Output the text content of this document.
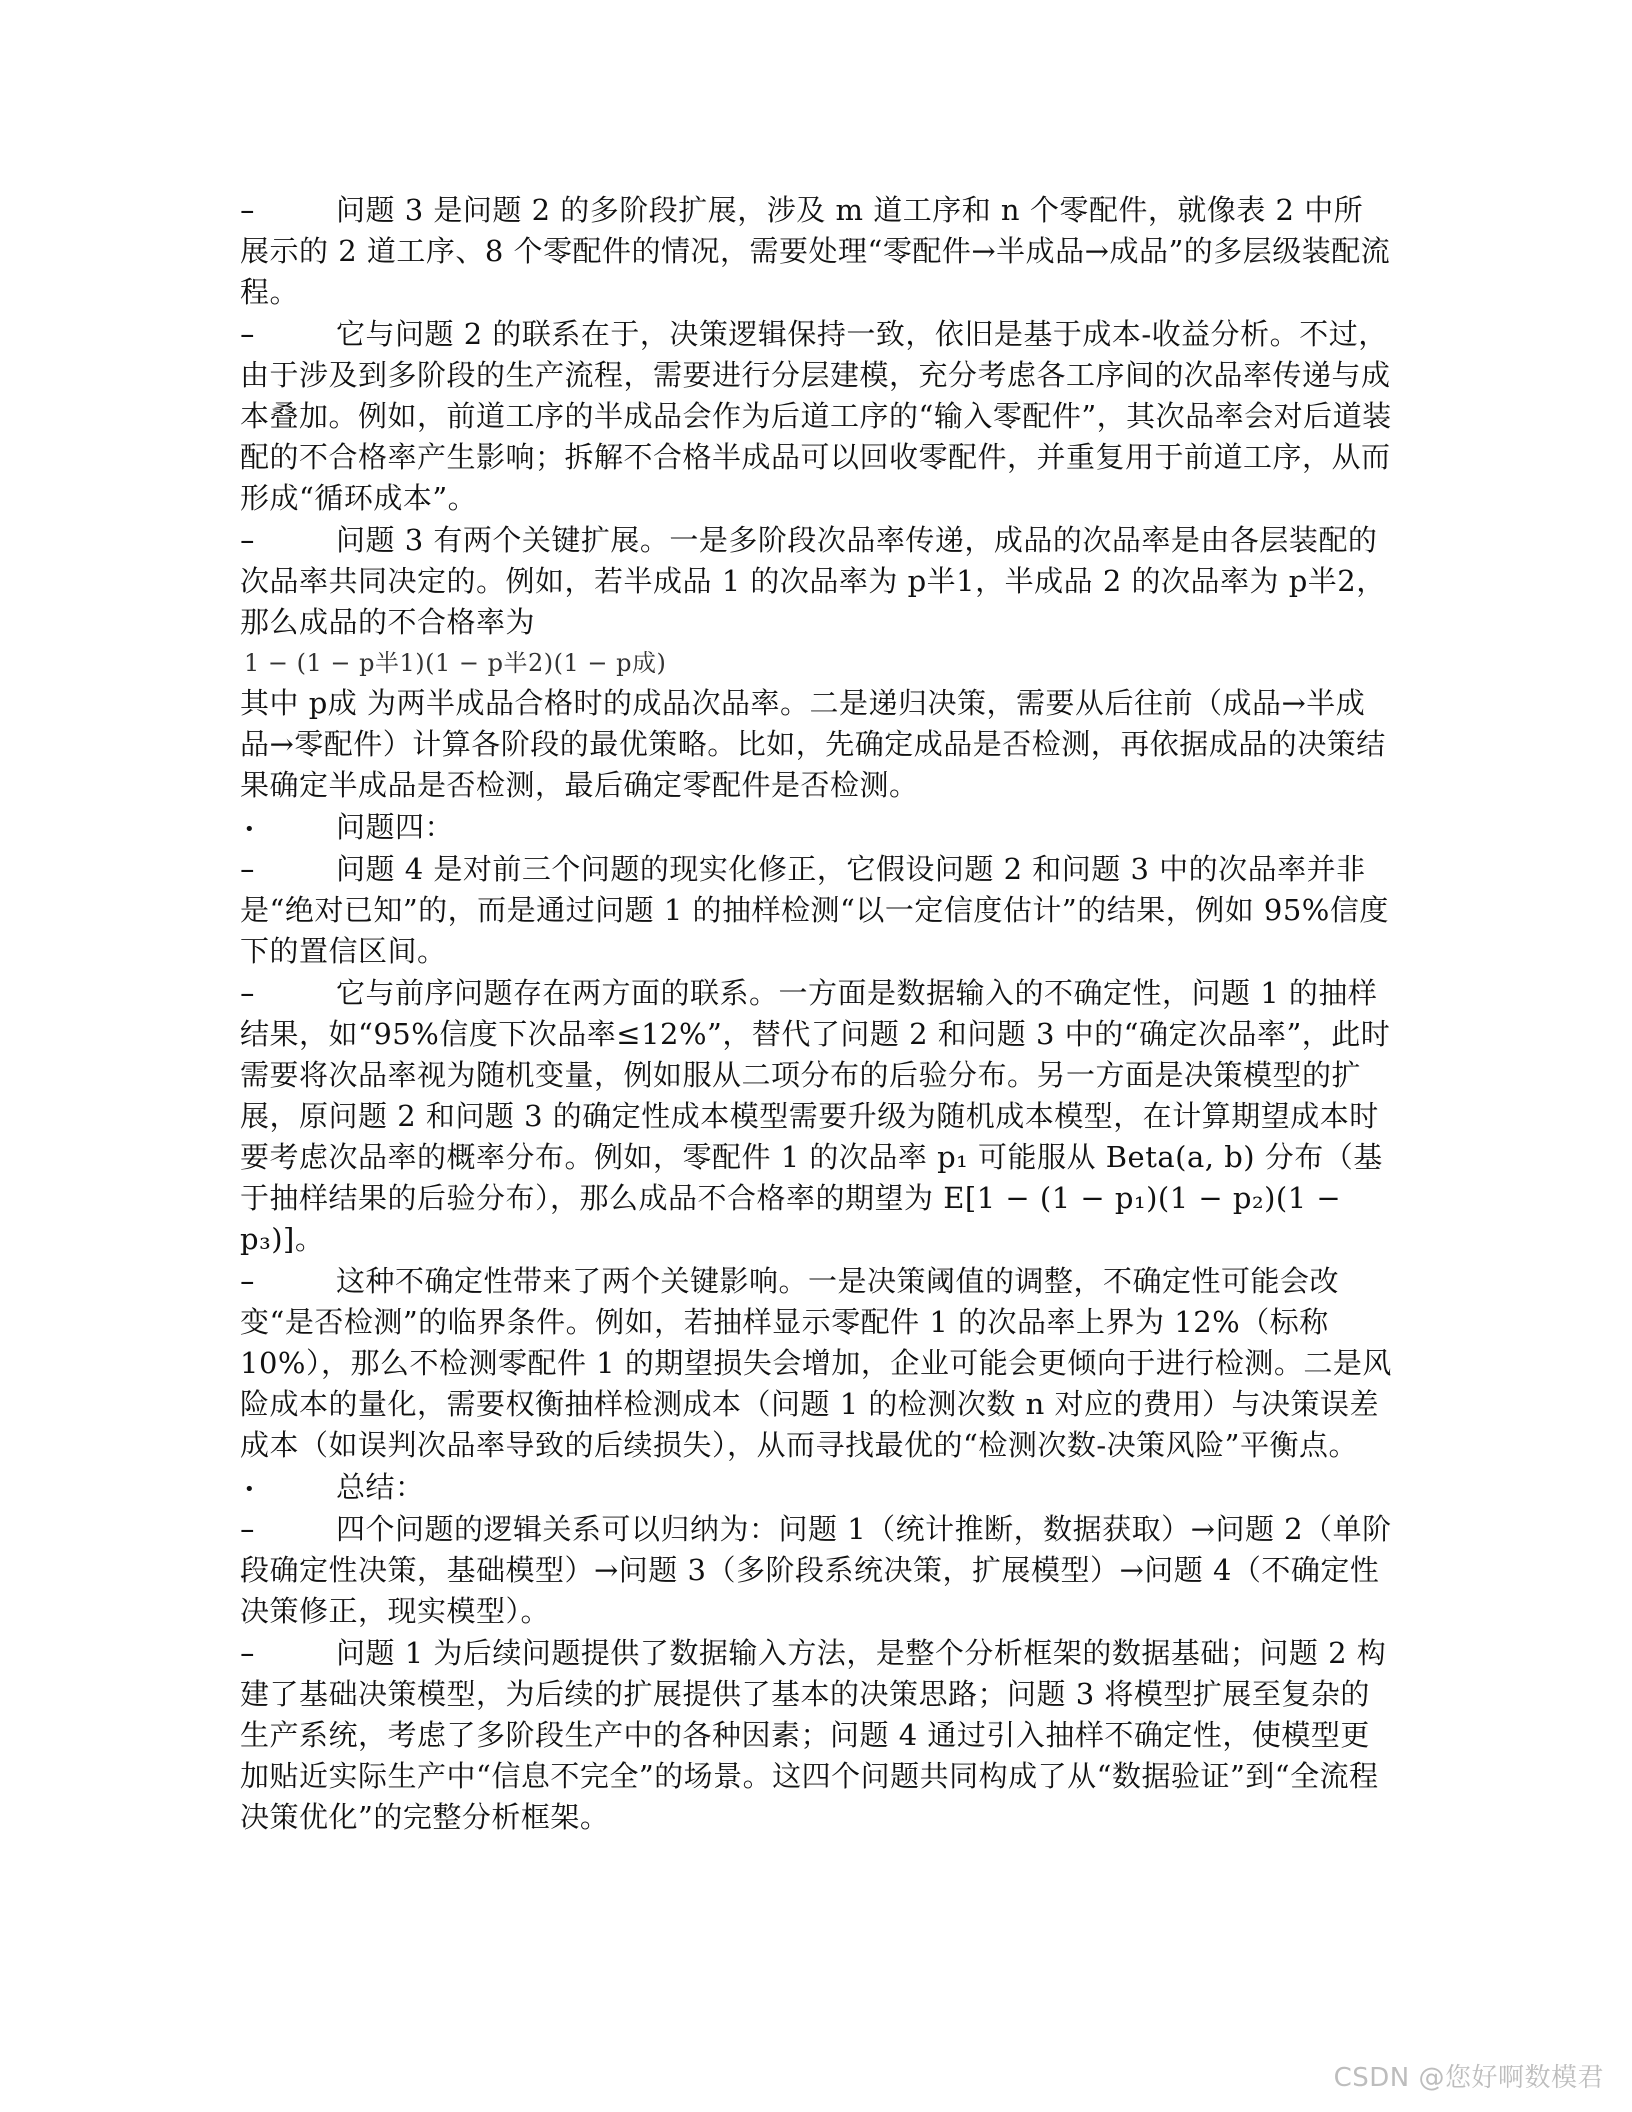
–	问题 3 是问题 2 的多阶段扩展，涉及 m 道工序和 n 个零配件，就像表 2 中所展示的 2 道工序、8 个零配件的情况，需要处理“零配件→半成品→成品”的多层级装配流程。
–	它与问题 2 的联系在于，决策逻辑保持一致，依旧是基于成本-收益分析。不过，由于涉及到多阶段的生产流程，需要进行分层建模，充分考虑各工序间的次品率传递与成本叠加。例如，前道工序的半成品会作为后道工序的“输入零配件”，其次品率会对后道装配的不合格率产生影响；拆解不合格半成品可以回收零配件，并重复用于前道工序，从而形成“循环成本”。
–	问题 3 有两个关键扩展。一是多阶段次品率传递，成品的次品率是由各层装配的次品率共同决定的。例如，若半成品 1 的次品率为 p半1，半成品 2 的次品率为 p半2，那么成品的不合格率为
1 − (1 − p半1)(1 − p半2)(1 − p成)
其中 p成 为两半成品合格时的成品次品率。二是递归决策，需要从后往前（成品→半成品→零配件）计算各阶段的最优策略。比如，先确定成品是否检测，再依据成品的决策结果确定半成品是否检测，最后确定零配件是否检测。
•	问题四：
–	问题 4 是对前三个问题的现实化修正，它假设问题 2 和问题 3 中的次品率并非是“绝对已知”的，而是通过问题 1 的抽样检测“以一定信度估计”的结果，例如 95%信度下的置信区间。
–	它与前序问题存在两方面的联系。一方面是数据输入的不确定性，问题 1 的抽样结果，如“95%信度下次品率≤12%”，替代了问题 2 和问题 3 中的“确定次品率”，此时需要将次品率视为随机变量，例如服从二项分布的后验分布。另一方面是决策模型的扩展，原问题 2 和问题 3 的确定性成本模型需要升级为随机成本模型，在计算期望成本时要考虑次品率的概率分布。例如，零配件 1 的次品率 p₁ 可能服从 Beta(a, b) 分布（基于抽样结果的后验分布），那么成品不合格率的期望为 E[1 − (1 − p₁)(1 − p₂)(1 − p₃)]。
–	这种不确定性带来了两个关键影响。一是决策阈值的调整，不确定性可能会改变“是否检测”的临界条件。例如，若抽样显示零配件 1 的次品率上界为 12%（标称 10%），那么不检测零配件 1 的期望损失会增加，企业可能会更倾向于进行检测。二是风险成本的量化，需要权衡抽样检测成本（问题 1 的检测次数 n 对应的费用）与决策误差成本（如误判次品率导致的后续损失），从而寻找最优的“检测次数-决策风险”平衡点。
•	总结：
–	四个问题的逻辑关系可以归纳为：问题 1（统计推断，数据获取）→问题 2（单阶段确定性决策，基础模型）→问题 3（多阶段系统决策，扩展模型）→问题 4（不确定性决策修正，现实模型）。
–	问题 1 为后续问题提供了数据输入方法，是整个分析框架的数据基础；问题 2 构建了基础决策模型，为后续的扩展提供了基本的决策思路；问题 3 将模型扩展至复杂的生产系统，考虑了多阶段生产中的各种因素；问题 4 通过引入抽样不确定性，使模型更加贴近实际生产中“信息不完全”的场景。这四个问题共同构成了从“数据验证”到“全流程决策优化”的完整分析框架。
CSDN @您好啊数模君
